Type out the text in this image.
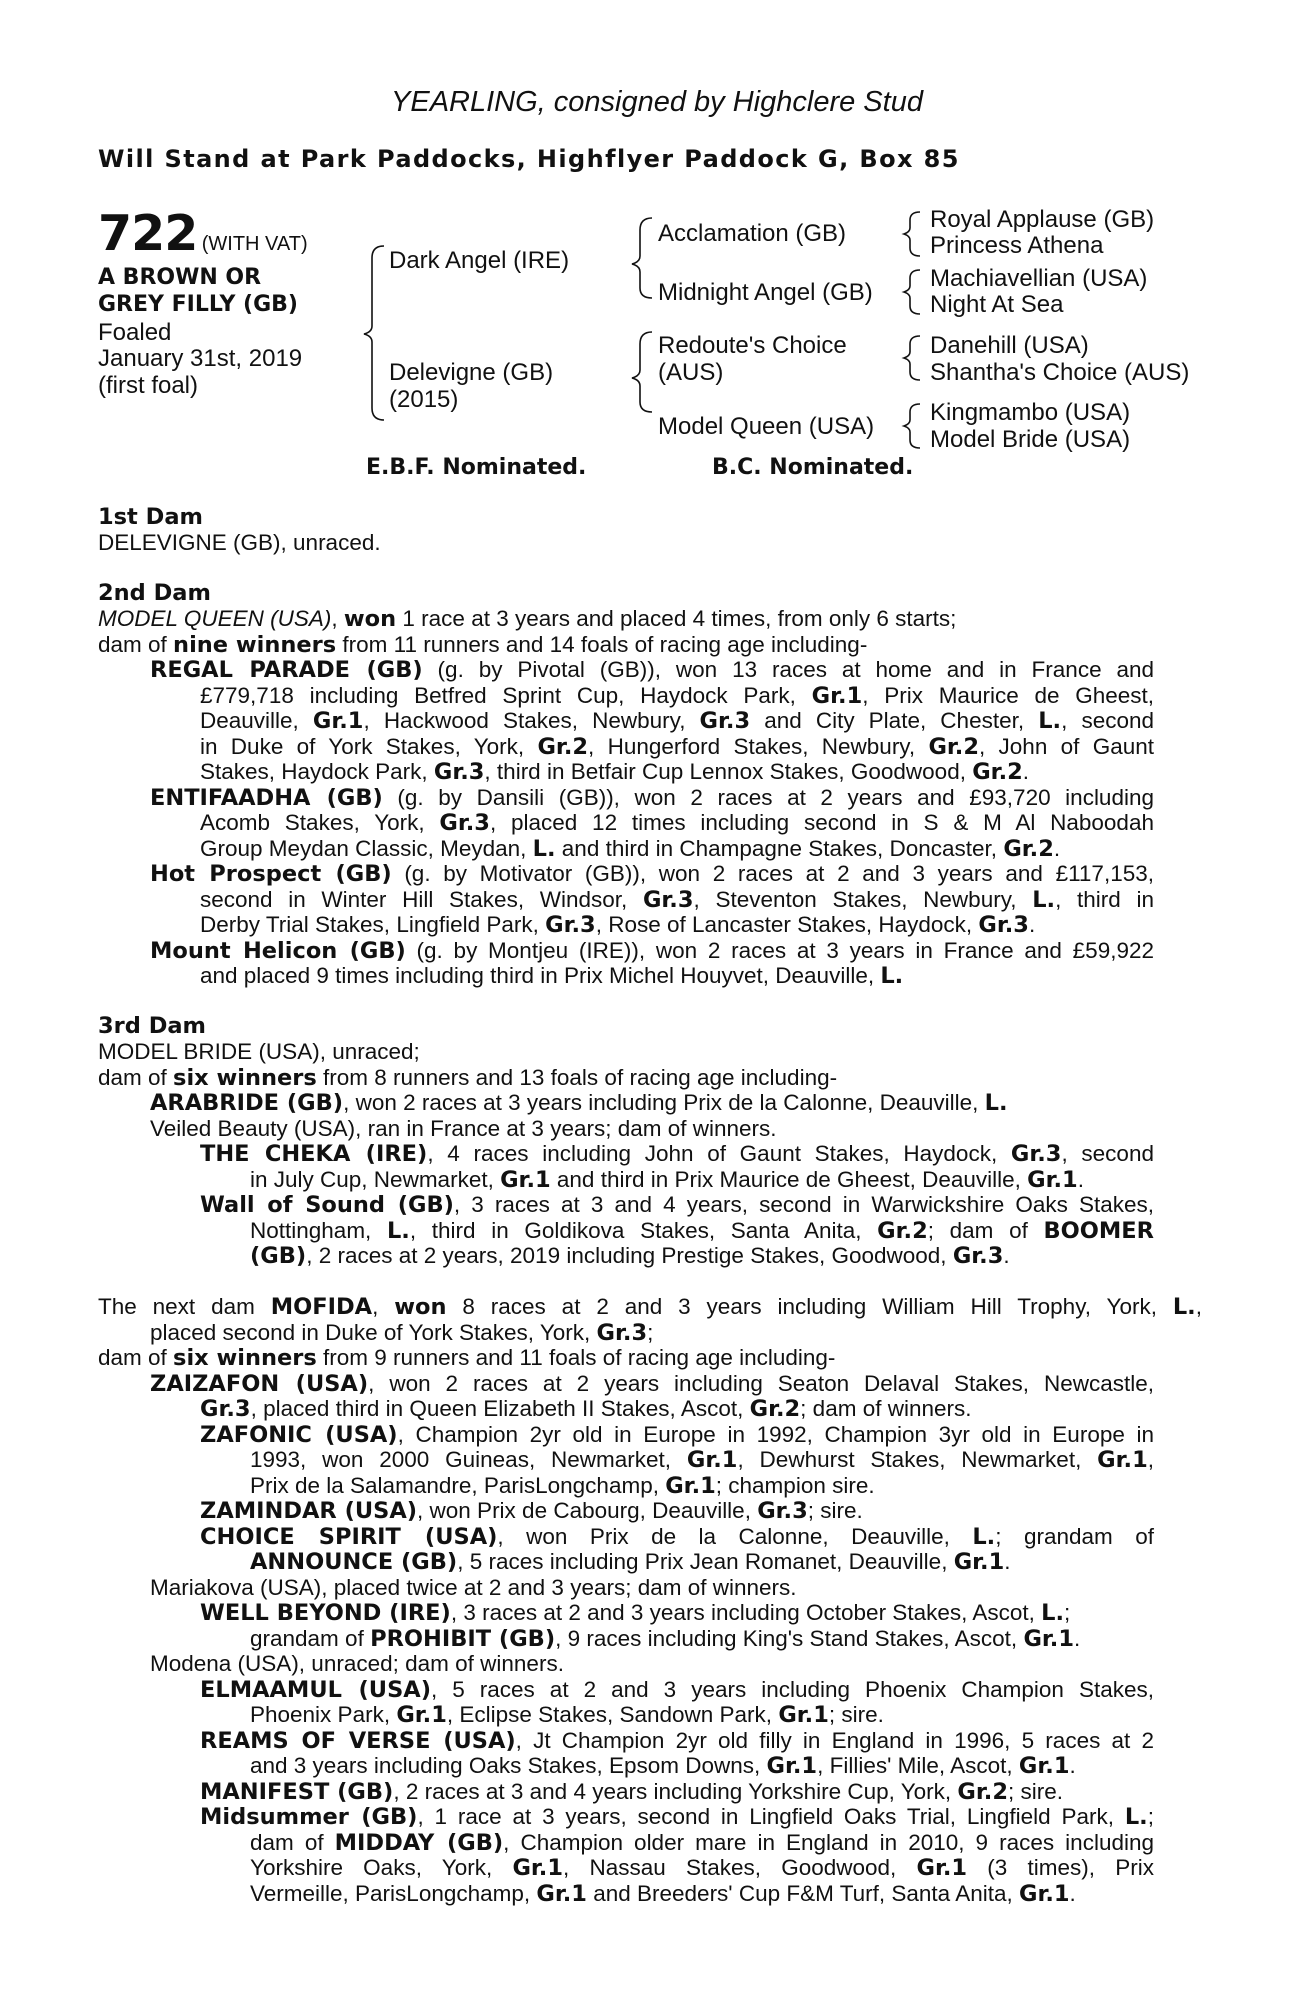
YEARLING, consigned by Highclere Stud
Will Stand at Park Paddocks, Highflyer Paddock G, Box 85
722 (WITH VAT)
A BROWN OR
GREY FILLY (GB)
Foaled
January 31st, 2019
(first foal)
Dark Angel (IRE)
Delevigne (GB)
(2015)
Acclamation (GB)
Midnight Angel (GB)
Redoute's Choice
(AUS)
Model Queen (USA)
Royal Applause (GB)
Princess Athena
Machiavellian (USA)
Night At Sea
Danehill (USA)
Shantha's Choice (AUS)
Kingmambo (USA)
Model Bride (USA)
E.B.F. Nominated.	B.C. Nominated.
1st Dam
DELEVIGNE (GB), unraced.
2nd Dam
MODEL QUEEN (USA), won 1 race at 3 years and placed 4 times, from only 6 starts;
dam of nine winners from 11 runners and 14 foals of racing age including-
REGAL PARADE (GB) (g. by Pivotal (GB)), won 13 races at home and in France and
£779,718 including Betfred Sprint Cup, Haydock Park, Gr.1, Prix Maurice de Gheest,
Deauville, Gr.1, Hackwood Stakes, Newbury, Gr.3 and City Plate, Chester, L., second
in Duke of York Stakes, York, Gr.2, Hungerford Stakes, Newbury, Gr.2, John of Gaunt
Stakes, Haydock Park, Gr.3, third in Betfair Cup Lennox Stakes, Goodwood, Gr.2.
ENTIFAADHA (GB) (g. by Dansili (GB)), won 2 races at 2 years and £93,720 including
Acomb Stakes, York, Gr.3, placed 12 times including second in S & M Al Naboodah
Group Meydan Classic, Meydan, L. and third in Champagne Stakes, Doncaster, Gr.2.
Hot Prospect (GB) (g. by Motivator (GB)), won 2 races at 2 and 3 years and £117,153,
second in Winter Hill Stakes, Windsor, Gr.3, Steventon Stakes, Newbury, L., third in
Derby Trial Stakes, Lingfield Park, Gr.3, Rose of Lancaster Stakes, Haydock, Gr.3.
Mount Helicon (GB) (g. by Montjeu (IRE)), won 2 races at 3 years in France and £59,922
and placed 9 times including third in Prix Michel Houyvet, Deauville, L.
3rd Dam
MODEL BRIDE (USA), unraced;
dam of six winners from 8 runners and 13 foals of racing age including-
ARABRIDE (GB), won 2 races at 3 years including Prix de la Calonne, Deauville, L.
Veiled Beauty (USA), ran in France at 3 years; dam of winners.
THE CHEKA (IRE), 4 races including John of Gaunt Stakes, Haydock, Gr.3, second
in July Cup, Newmarket, Gr.1 and third in Prix Maurice de Gheest, Deauville, Gr.1.
Wall of Sound (GB), 3 races at 3 and 4 years, second in Warwickshire Oaks Stakes,
Nottingham, L., third in Goldikova Stakes, Santa Anita, Gr.2; dam of BOOMER
(GB), 2 races at 2 years, 2019 including Prestige Stakes, Goodwood, Gr.3.
The next dam MOFIDA, won 8 races at 2 and 3 years including William Hill Trophy, York, L.,
placed second in Duke of York Stakes, York, Gr.3;
dam of six winners from 9 runners and 11 foals of racing age including-
ZAIZAFON (USA), won 2 races at 2 years including Seaton Delaval Stakes, Newcastle,
Gr.3, placed third in Queen Elizabeth II Stakes, Ascot, Gr.2; dam of winners.
ZAFONIC (USA), Champion 2yr old in Europe in 1992, Champion 3yr old in Europe in
1993, won 2000 Guineas, Newmarket, Gr.1, Dewhurst Stakes, Newmarket, Gr.1,
Prix de la Salamandre, ParisLongchamp, Gr.1; champion sire.
ZAMINDAR (USA), won Prix de Cabourg, Deauville, Gr.3; sire.
CHOICE SPIRIT (USA), won Prix de la Calonne, Deauville, L.; grandam of
ANNOUNCE (GB), 5 races including Prix Jean Romanet, Deauville, Gr.1.
Mariakova (USA), placed twice at 2 and 3 years; dam of winners.
WELL BEYOND (IRE), 3 races at 2 and 3 years including October Stakes, Ascot, L.;
grandam of PROHIBIT (GB), 9 races including King's Stand Stakes, Ascot, Gr.1.
Modena (USA), unraced; dam of winners.
ELMAAMUL (USA), 5 races at 2 and 3 years including Phoenix Champion Stakes,
Phoenix Park, Gr.1, Eclipse Stakes, Sandown Park, Gr.1; sire.
REAMS OF VERSE (USA), Jt Champion 2yr old filly in England in 1996, 5 races at 2
and 3 years including Oaks Stakes, Epsom Downs, Gr.1, Fillies' Mile, Ascot, Gr.1.
MANIFEST (GB), 2 races at 3 and 4 years including Yorkshire Cup, York, Gr.2; sire.
Midsummer (GB), 1 race at 3 years, second in Lingfield Oaks Trial, Lingfield Park, L.;
dam of MIDDAY (GB), Champion older mare in England in 2010, 9 races including
Yorkshire Oaks, York, Gr.1, Nassau Stakes, Goodwood, Gr.1 (3 times), Prix
Vermeille, ParisLongchamp, Gr.1 and Breeders' Cup F&M Turf, Santa Anita, Gr.1.
